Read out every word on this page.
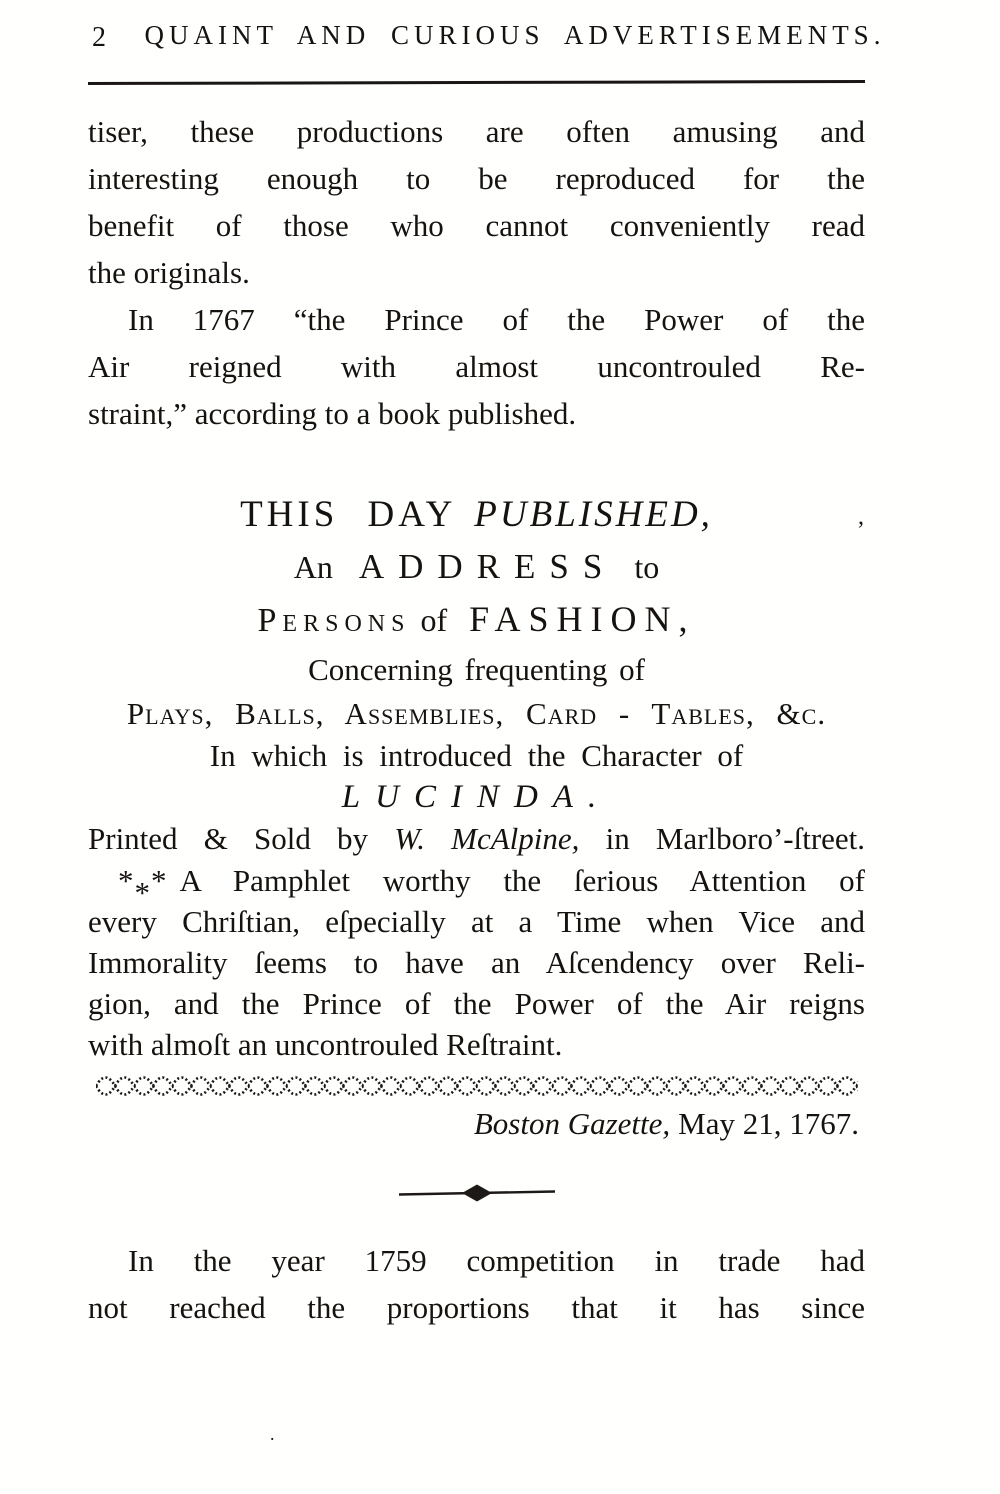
2	QUAINT AND CURIOUS ADVERTISEMENTS.
tiser, these productions are often amusing and
interesting enough to be reproduced for the
benefit of those who cannot conveniently read
the originals.
In 1767 “the Prince of the Power of the
Air reigned with almost uncontrouled Re-
straint,” according to a book published.
THIS DAY PUBLISHED,
An ADDRESS to
Persons of FASHION,
Concerning frequenting of
Plays, Balls, Assemblies, Card - Tables, &c.
In which is introduced the Character of
LUCINDA.
Printed & Sold by W. McAlpine, in Marlboro’-ſtreet.
*** A Pamphlet worthy the ſerious Attention of
every Chriſtian, eſpecially at a Time when Vice and
Immorality ſeems to have an Aſcendency over Reli-
gion, and the Prince of the Power of the Air reigns
with almoſt an uncontrouled Reſtraint.
Boston Gazette, May 21, 1767.
In the year 1759 competition in trade had
not reached the proportions that it has since
,
.
